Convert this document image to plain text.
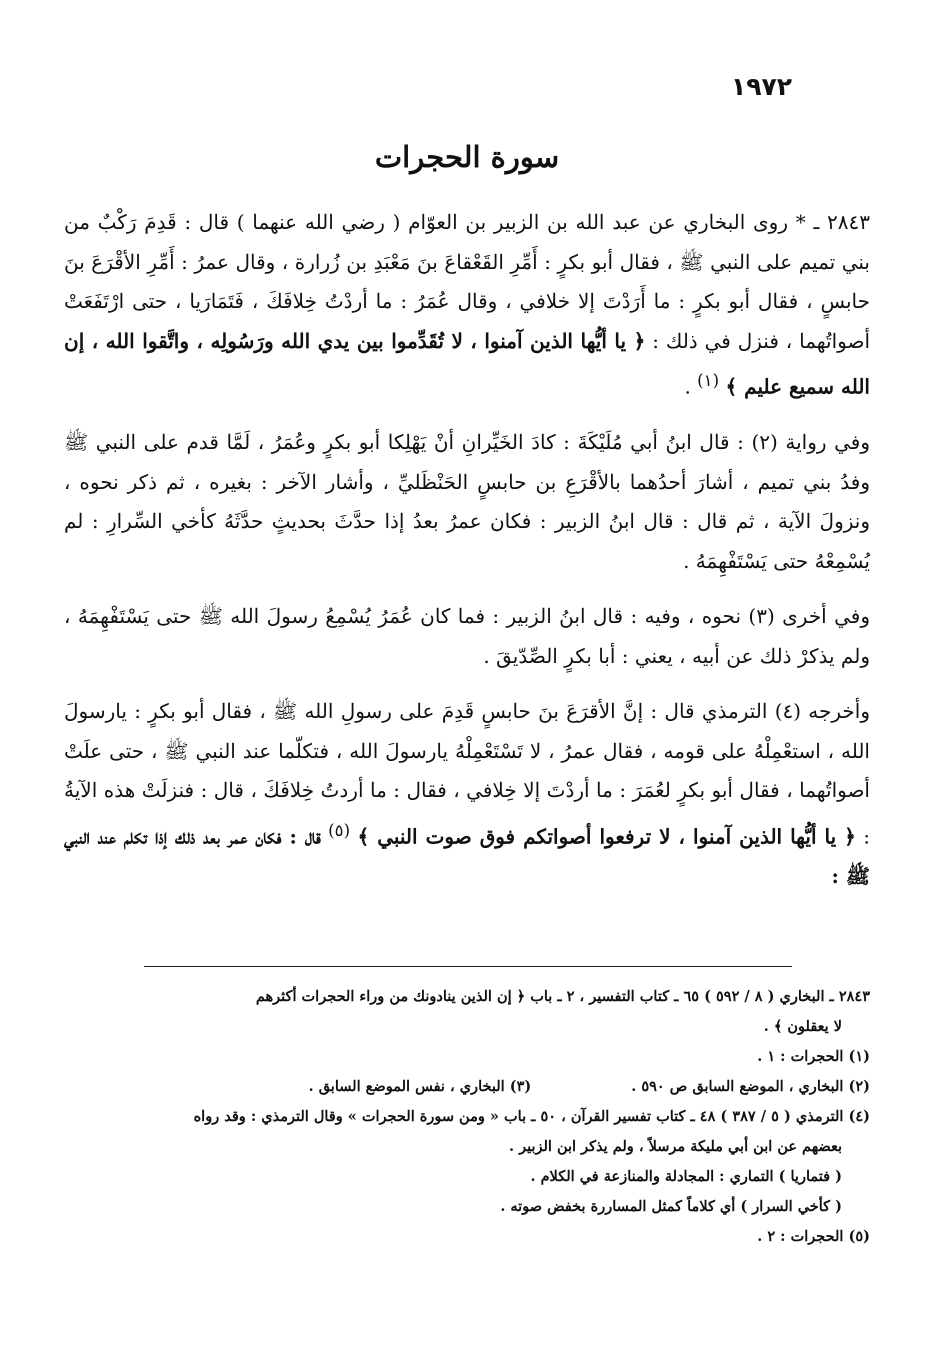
١٩٧٢
سورة الحجرات

٢٨٤٣ ـ * روى البخاري عن عبد الله بن الزبير بن العوّام ( رضي الله عنهما ) قال : قَدِمَ رَكْبٌ من بني تميم على النبي ﷺ ، فقال أبو بكرٍ : أَمِّرِ القَعْقاعَ بنَ مَعْبَدِ بن زُرارة ، وقال عمرُ : أَمِّرِ الأقْرَعَ بنَ حابسٍ ، فقال أبو بكرٍ : ما أَرَدْتَ إلا خلافي ، وقال عُمَرُ : ما أردْتُ خِلافَكَ ، فَتَمَارَيا ، حتى ارْتَفَعَتْ أصواتُهما ، فنزل في ذلك : ﴿ يا أيُّها الذين آمنوا ، لا تُقَدِّموا بين يدي الله ورَسُولِه ، واتَّقوا الله ، إن الله سميع عليم ﴾ $^{(١)}$ .

وفي رواية (٢) : قال ابنُ أبي مُلَيْكَةَ : كادَ الخَيِّرانِ أنْ يَهْلِكا أبو بكرٍ وعُمَرُ ، لَمَّا قدم على النبي ﷺ وفدُ بني تميم ، أشارَ أحدُهما بالأقْرَعِ بن حابسٍ الحَنْظَليِّ ، وأشار الآخر : بغيره ، ثم ذكر نحوه ، ونزولَ الآية ، ثم قال : قال ابنُ الزبير : فكان عمرُ بعدُ إذا حدَّثَ بحديثٍ حدَّثَهُ كأخي السِّرارِ : لم يُسْمِعْهُ حتى يَسْتَفْهِمَهُ .

وفي أخرى (٣) نحوه ، وفيه : قال ابنُ الزبير : فما كان عُمَرُ يُسْمِعُ رسولَ الله ﷺ حتى يَسْتَفْهِمَهُ ، ولم يذكرْ ذلك عن أبيه ، يعني : أبا بكرٍ الصِّدّيقَ .

وأخرجه (٤) الترمذي قال : إنَّ الأقرَعَ بنَ حابسٍ قَدِمَ على رسولِ الله ﷺ ، فقال أبو بكرٍ : يارسولَ الله ، استعْمِلْهُ على قومه ، فقال عمرُ ، لا تَسْتَعْمِلْهُ يارسولَ الله ، فتكلّما عند النبي ﷺ ، حتى علَتْ أصواتُهما ، فقال أبو بكرٍ لعُمَرَ : ما أردْتَ إلا خِلافي ، فقال : ما أردتُ خِلافَكَ ، قال : فنزلَتْ هذه الآيةُ : ﴿ يا أيُّها الذين آمنوا ، لا ترفعوا أصواتكم فوق صوت النبي ﴾ $^{(٥)}$ قال : فكان عمر بعد ذلك إذا تكلم عند النبي ﷺ :

٢٨٤٣ ـ البخاري ( ٨ / ٥٩٢ ) ٦٥ ـ كتاب التفسير ، ٢ ـ باب ﴿ إن الذين ينادونك من وراء الحجرات أكثرهم

لا يعقلون ﴾ .

(١) الحجرات : ١ .

(٢) البخاري ، الموضع السابق ص ٥٩٠ .

(٣) البخاري ، نفس الموضع السابق .

(٤) الترمذي ( ٥ / ٣٨٧ ) ٤٨ ـ كتاب تفسير القرآن ، ٥٠ ـ باب « ومن سورة الحجرات » وقال الترمذي : وقد رواه

بعضهم عن ابن أبي مليكة مرسلاً ، ولم يذكر ابن الزبير .

( فتماريا ) التماري : المجادلة والمنازعة في الكلام .

( كأخي السرار ) أي كلاماً كمثل المساررة بخفض صوته .

(٥) الحجرات : ٢ .
